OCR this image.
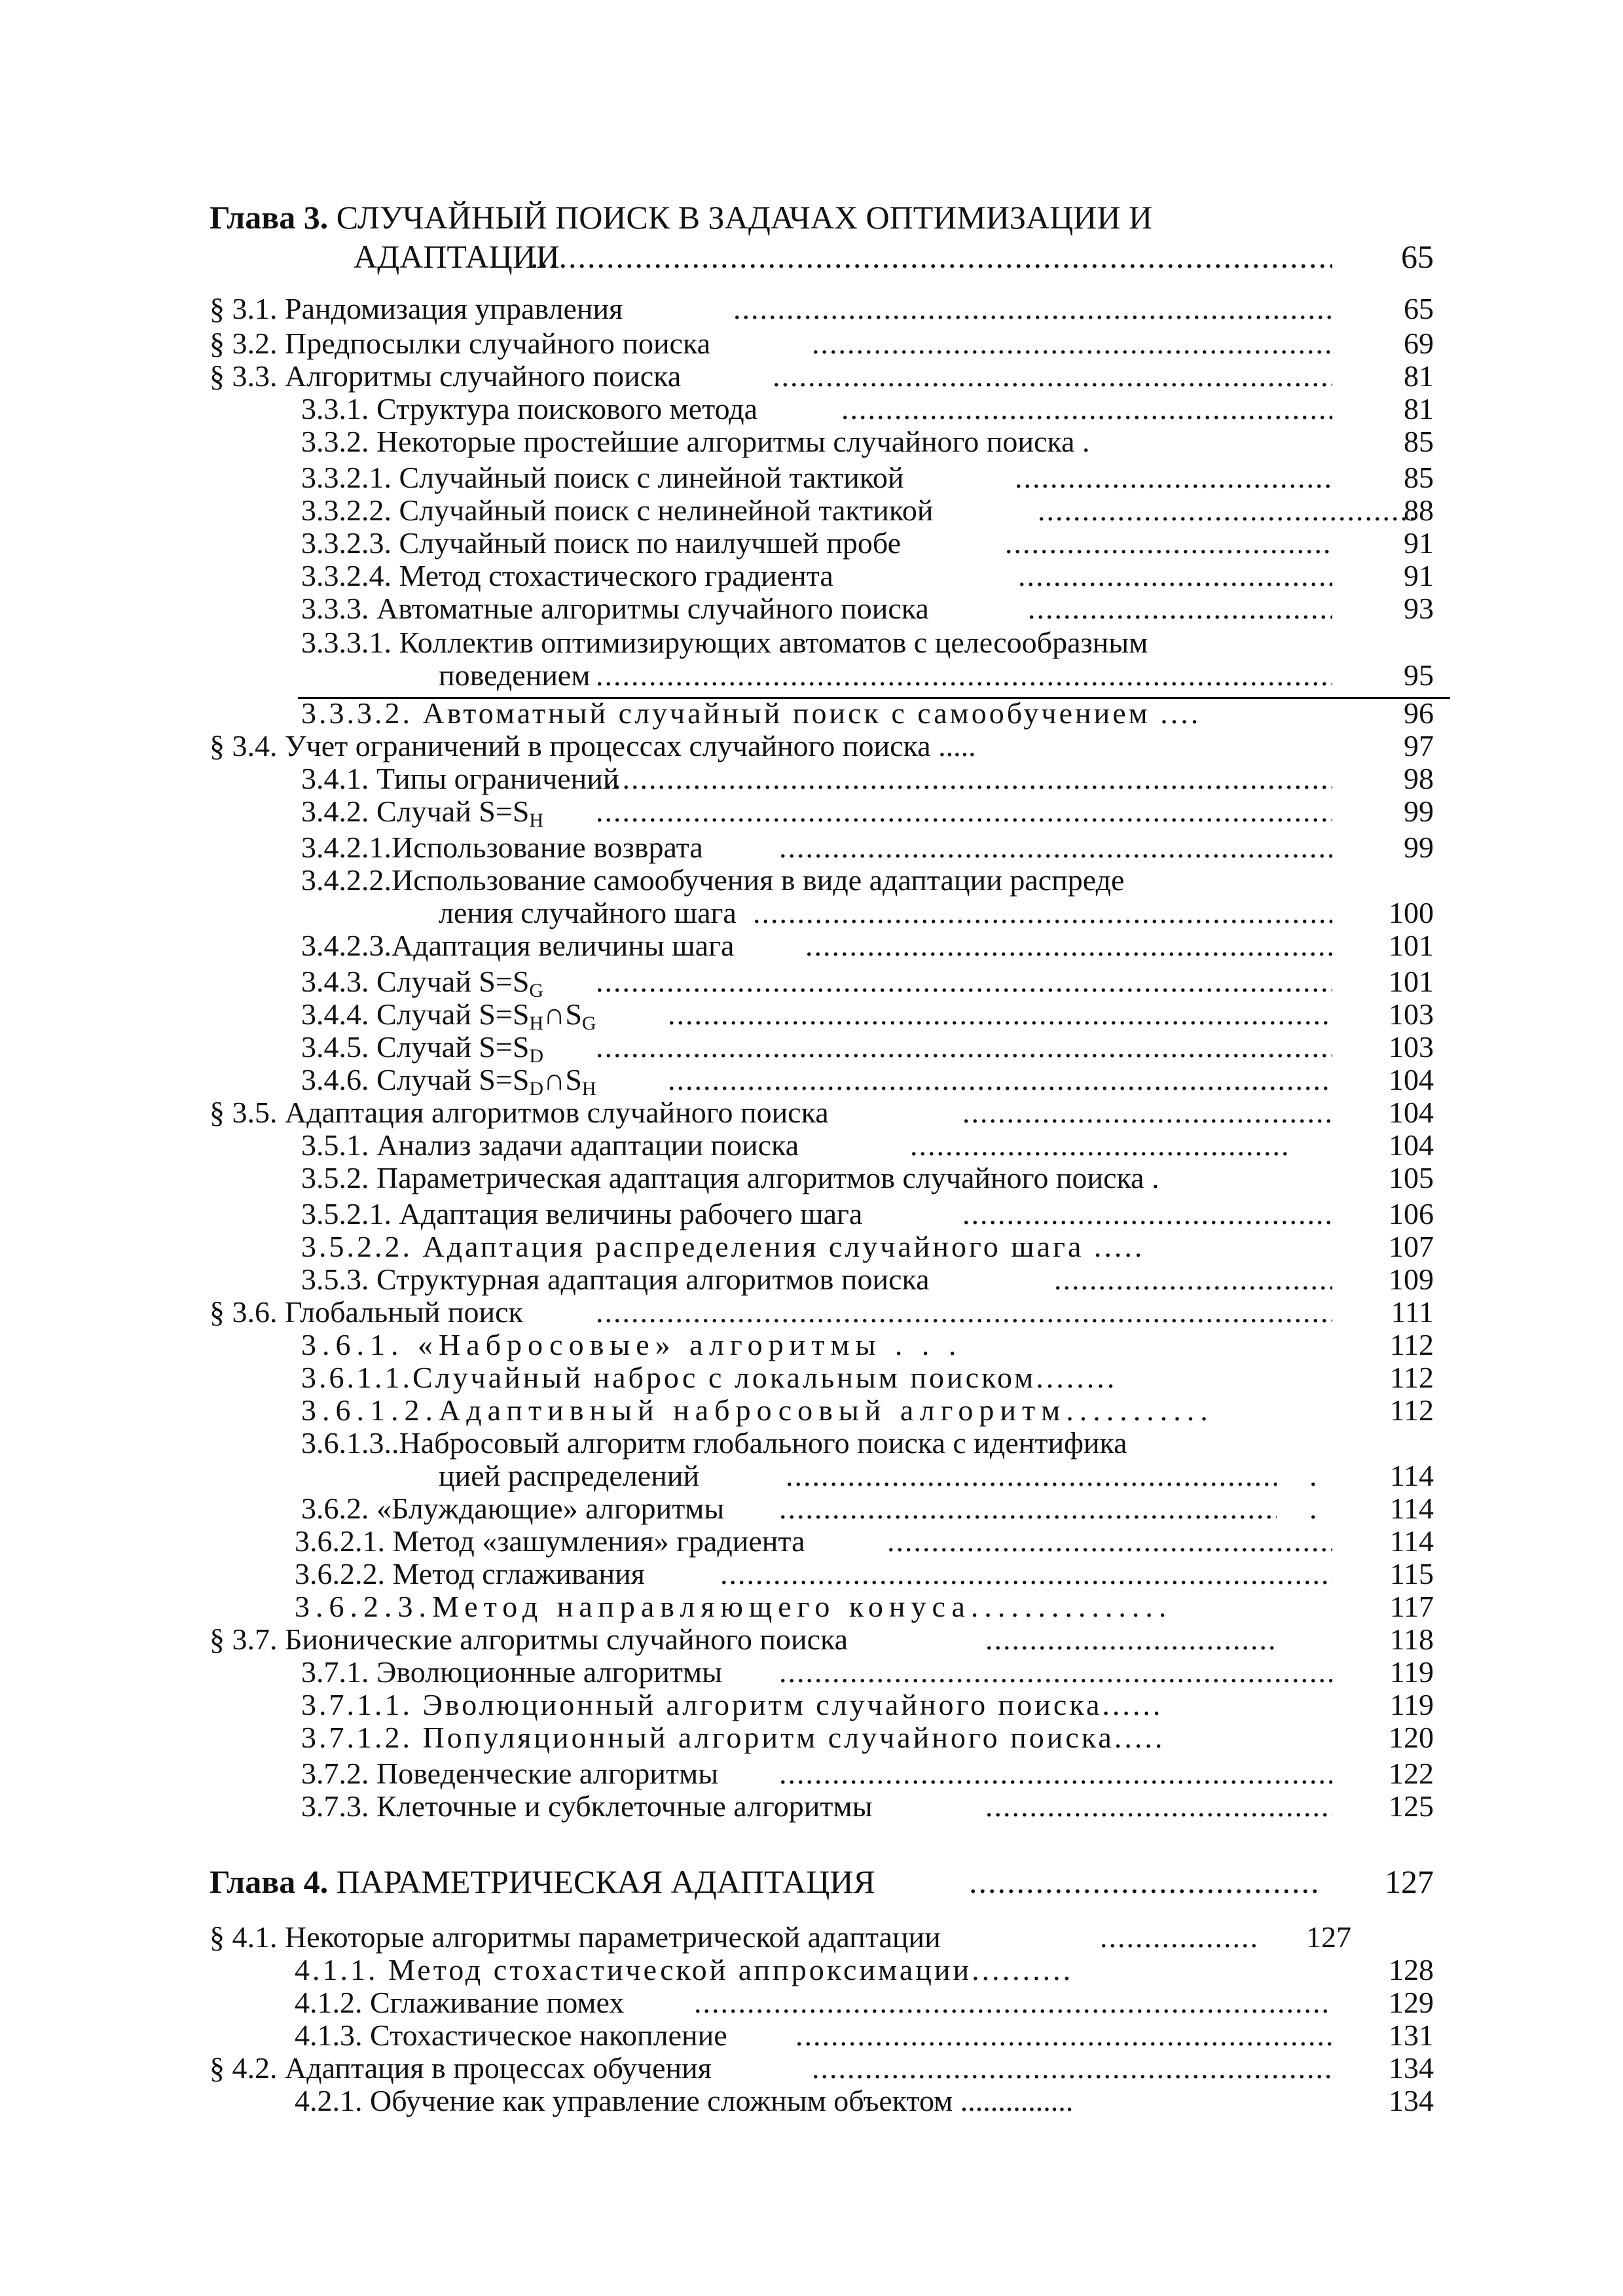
Глава 3. СЛУЧАЙНЫЙ ПОИСК В ЗАДАЧАХ ОПТИМИЗАЦИИ И
АДАПТАЦИИ .....	65
§ 3.1. Рандомизация управления .....	65
§ 3.2. Предпосылки случайного поиска .....	69
§ 3.3. Алгоритмы случайного поиска .....	81
3.3.1. Структура поискового метода .....	81
3.3.2. Некоторые простейшие алгоритмы случайного поиска .	85
3.3.2.1. Случайный поиск с линейной тактикой .....	85
3.3.2.2. Случайный поиск с нелинейной тактикой .....	88
3.3.2.3. Случайный поиск по наилучшей пробе .....	91
3.3.2.4. Метод стохастического градиента .....	91
3.3.3. Автоматные алгоритмы случайного поиска .....	93
3.3.3.1. Коллектив оптимизирующих автоматов с целесообразным
поведением .....	95
3.3.3.2. Автоматный случайный поиск с самообучением ....	96
§ 3.4. Учет ограничений в процессах случайного поиска .....	97
3.4.1. Типы ограничений .....	98
3.4.2. Случай $S=S_H$ .....	99
3.4.2.1.Использование возврата .....	99
3.4.2.2.Использование самообучения в виде адаптации распреде
ления случайного шага .....	100
3.4.2.3.Адаптация величины шага .....	101
3.4.3. Случай $S=S_G$ .....	101
3.4.4. Случай $S=S_H\cap S_G$ .....	103
3.4.5. Случай $S=S_D$ .....	103
3.4.6. Случай $S=S_D\cap S_H$ .....	104
§ 3.5. Адаптация алгоритмов случайного поиска .....	104
3.5.1. Анализ задачи адаптации поиска .....	104
3.5.2. Параметрическая адаптация алгоритмов случайного поиска .	105
3.5.2.1. Адаптация величины рабочего шага .....	106
3.5.2.2. Адаптация распределения случайного шага .....	107
3.5.3. Структурная адаптация алгоритмов поиска .....	109
§ 3.6. Глобальный поиск .....	111
3.6.1. «Набросовые» алгоритмы . . .	112
3.6.1.1.Случайный наброс с локальным поиском........	112
3.6.1.2.Адаптивный набросовый алгоритм...........	112
3.6.1.3..Набросовый алгоритм глобального поиска с идентифика
цией распределений .....	.	114
3.6.2. «Блуждающие» алгоритмы .....	.	114
3.6.2.1. Метод «зашумления» градиента .....	114
3.6.2.2. Метод сглаживания .....	115
3.6.2.3.Метод направляющего конуса...............	117
§ 3.7. Бионические алгоритмы случайного поиска .....	118
3.7.1. Эволюционные алгоритмы .....	119
3.7.1.1. Эволюционный алгоритм случайного поиска......	119
3.7.1.2. Популяционный алгоритм случайного поиска.....	120
3.7.2. Поведенческие алгоритмы .....	122
3.7.3. Клеточные и субклеточные алгоритмы .....	125
Глава 4. ПАРАМЕТРИЧЕСКАЯ АДАПТАЦИЯ .....	127
§ 4.1. Некоторые алгоритмы параметрической адаптации .....	127
4.1.1. Метод стохастической аппроксимации..........	128
4.1.2. Сглаживание помех .....	129
4.1.3. Стохастическое накопление .....	131
§ 4.2. Адаптация в процессах обучения .....	134
4.2.1. Обучение как управление сложным объектом ...............	134
